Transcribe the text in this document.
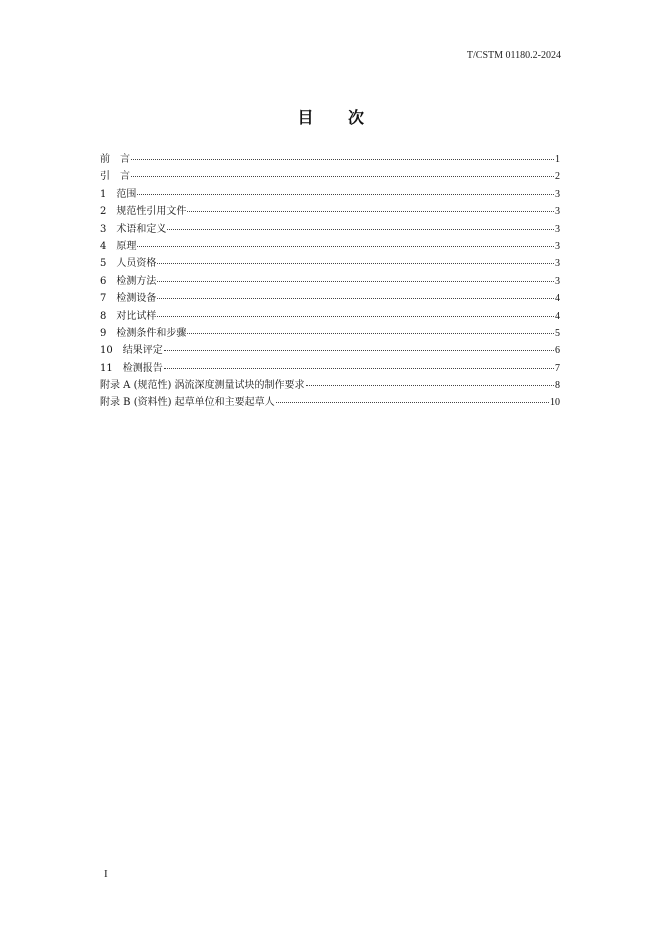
T/CSTM 01180.2-2024
目 次
前　言	1
引　言	2
1　范围	3
2　规范性引用文件	3
3　术语和定义	3
4　原理	3
5　人员资格	3
6　检测方法	3
7　检测设备	4
8　对比试样	4
9　检测条件和步骤	5
10　结果评定	6
11　检测报告	7
附录 A (规范性) 涡流深度测量试块的制作要求	8
附录 B (资料性) 起草单位和主要起草人	10
I
